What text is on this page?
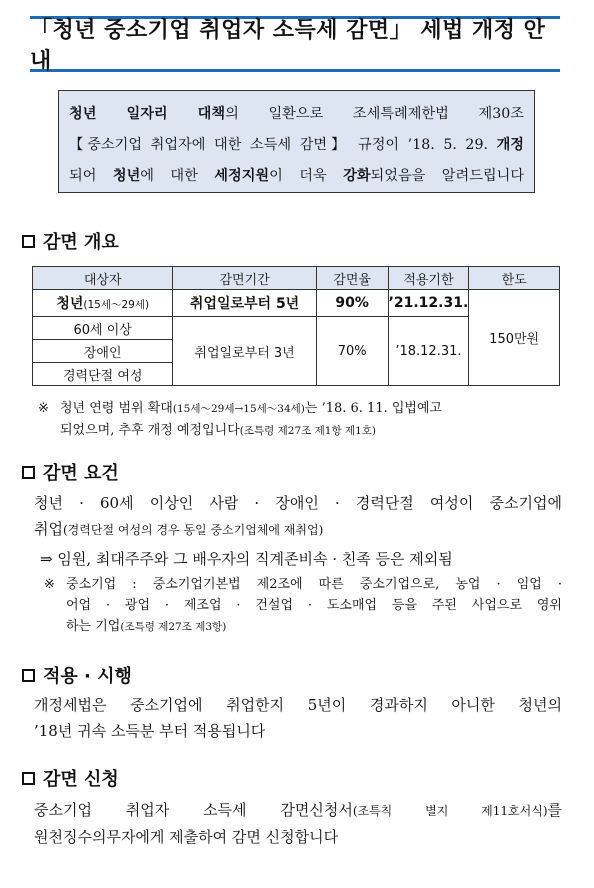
「청년 중소기업 취업자 소득세 감면」 세법 개정 안내
청년 일자리 대책의 일환으로 조세특례제한법 제30조
【중소기업 취업자에 대한 소득세 감면】 규정이 ’18. 5. 29. 개정
되어 청년에 대한 세정지원이 더욱 강화되었음을 알려드립니다
감면 개요
대상자	감면기간	감면율	적용기한	한도
청년(15세～29세)	취업일로부터 5년	90%	’21.12.31.	150만원
60세 이상	취업일로부터 3년	70%	’18.12.31.	
장애인				
경력단절 여성				
※ 청년 연령 범위 확대(15세～29세→15세～34세)는 ’18. 6. 11. 입법예고
되었으며, 추후 개정 예정입니다(조특령 제27조 제1항 제1호)
감면 요건
청년 · 60세 이상인 사람 · 장애인 · 경력단절 여성이 중소기업에
취업(경력단절 여성의 경우 동일 중소기업체에 재취업)
⇒ 임원, 최대주주와 그 배우자의 직계존비속 · 친족 등은 제외됨
※ 중소기업 : 중소기업기본법 제2조에 따른 중소기업으로, 농업 · 임업 ·
어업 · 광업 · 제조업 · 건설업 · 도소매업 등을 주된 사업으로 영위
하는 기업(조특령 제27조 제3항)
적용 · 시행
개정세법은 중소기업에 취업한지 5년이 경과하지 아니한 청년의
’18년 귀속 소득분 부터 적용됩니다
감면 신청
중소기업 취업자 소득세 감면신청서(조특칙 별지 제11호서식)를
원천징수의무자에게 제출하여 감면 신청합니다
